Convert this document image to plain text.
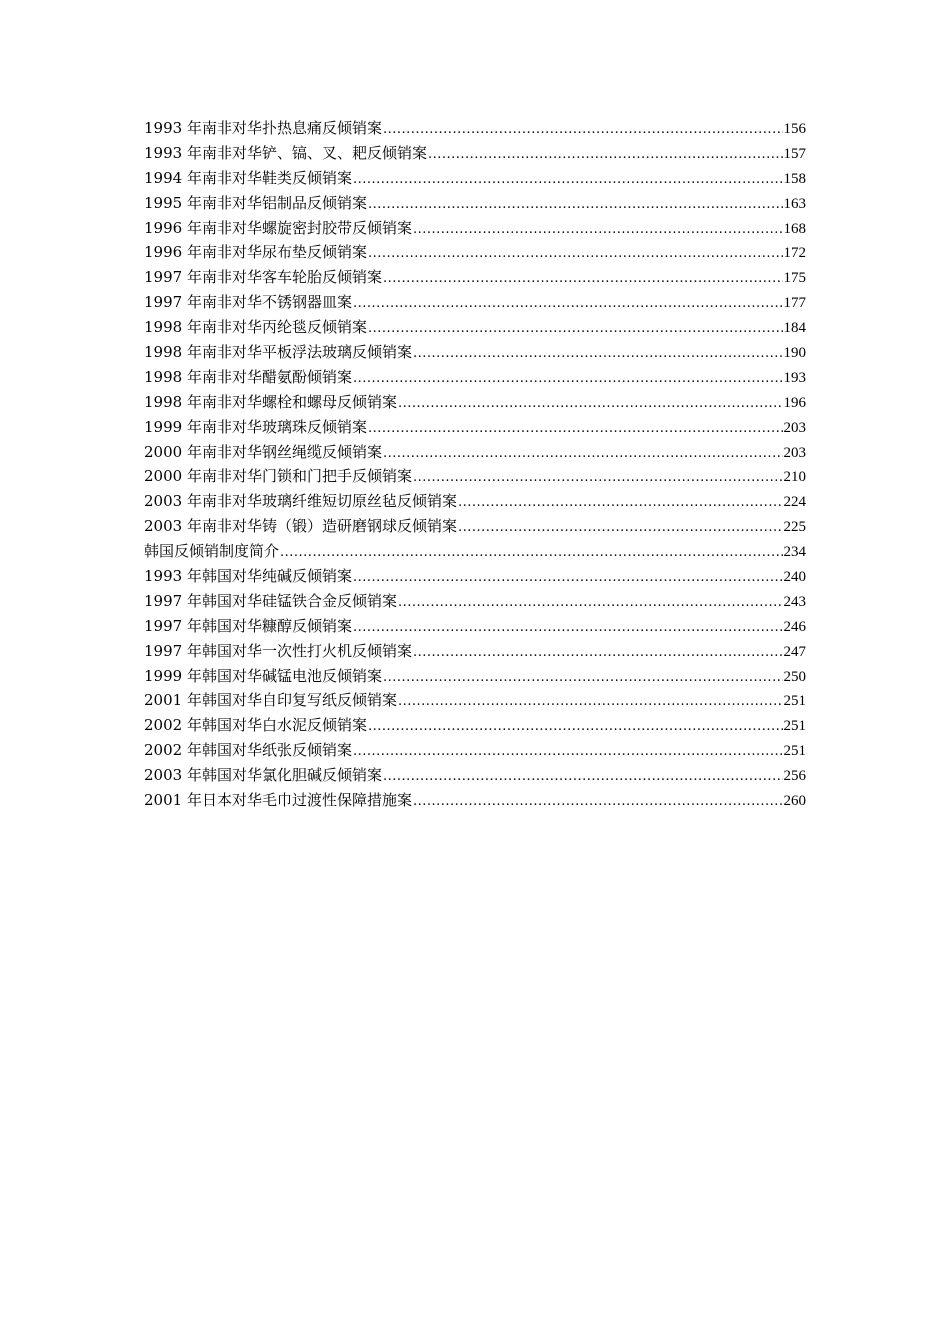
1993 年南非对华扑热息痛反倾销案 .....	156
1993 年南非对华铲、镐、叉、耙反倾销案 .....	157
1994 年南非对华鞋类反倾销案 .....	158
1995 年南非对华铝制品反倾销案 .....	163
1996 年南非对华螺旋密封胶带反倾销案 .....	168
1996 年南非对华尿布垫反倾销案 .....	172
1997 年南非对华客车轮胎反倾销案 .....	175
1997 年南非对华不锈钢器皿案 .....	177
1998 年南非对华丙纶毯反倾销案 .....	184
1998 年南非对华平板浮法玻璃反倾销案 .....	190
1998 年南非对华醋氨酚倾销案 .....	193
1998 年南非对华螺栓和螺母反倾销案 .....	196
1999 年南非对华玻璃珠反倾销案 .....	203
2000 年南非对华钢丝绳缆反倾销案 .....	203
2000 年南非对华门锁和门把手反倾销案 .....	210
2003 年南非对华玻璃纤维短切原丝毡反倾销案 .....	224
2003 年南非对华铸（锻）造研磨钢球反倾销案 .....	225
韩国反倾销制度简介 .....	234
1993 年韩国对华纯碱反倾销案 .....	240
1997 年韩国对华硅锰铁合金反倾销案 .....	243
1997 年韩国对华糠醇反倾销案 .....	246
1997 年韩国对华一次性打火机反倾销案 .....	247
1999 年韩国对华碱锰电池反倾销案 .....	250
2001 年韩国对华自印复写纸反倾销案 .....	251
2002 年韩国对华白水泥反倾销案 .....	251
2002 年韩国对华纸张反倾销案 .....	251
2003 年韩国对华氯化胆碱反倾销案 .....	256
2001 年日本对华毛巾过渡性保障措施案 .....	260
